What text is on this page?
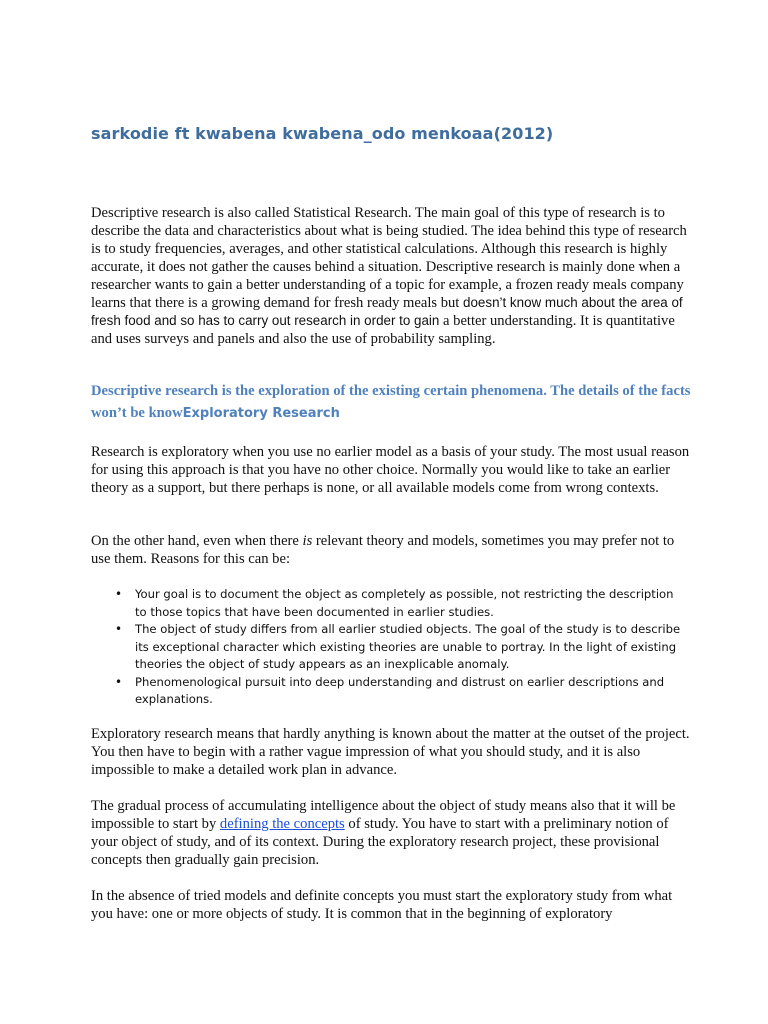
sarkodie ft kwabena kwabena_odo menkoaa(2012)

Descriptive research is also called Statistical Research. The main goal of this type of research is to describe the data and characteristics about what is being studied. The idea behind this type of research is to study frequencies, averages, and other statistical calculations. Although this research is highly accurate, it does not gather the causes behind a situation. Descriptive research is mainly done when a researcher wants to gain a better understanding of a topic for example, a frozen ready meals company learns that there is a growing demand for fresh ready meals but doesn’t know much about the area of fresh food and so has to carry out research in order to gain a better understanding. It is quantitative and uses surveys and panels and also the use of probability sampling.

Descriptive research is the exploration of the existing certain phenomena. The details of the facts won’t be knowExploratory Research

Research is exploratory when you use no earlier model as a basis of your study. The most usual reason for using this approach is that you have no other choice. Normally you would like to take an earlier theory as a support, but there perhaps is none, or all available models come from wrong contexts.

On the other hand, even when there is relevant theory and models, sometimes you may prefer not to use them. Reasons for this can be:

• Your goal is to document the object as completely as possible, not restricting the description to those topics that have been documented in earlier studies.
• The object of study differs from all earlier studied objects. The goal of the study is to describe its exceptional character which existing theories are unable to portray. In the light of existing theories the object of study appears as an inexplicable anomaly.
• Phenomenological pursuit into deep understanding and distrust on earlier descriptions and explanations.

Exploratory research means that hardly anything is known about the matter at the outset of the project. You then have to begin with a rather vague impression of what you should study, and it is also impossible to make a detailed work plan in advance.

The gradual process of accumulating intelligence about the object of study means also that it will be impossible to start by defining the concepts of study. You have to start with a preliminary notion of your object of study, and of its context. During the exploratory research project, these provisional concepts then gradually gain precision.

In the absence of tried models and definite concepts you must start the exploratory study from what you have: one or more objects of study. It is common that in the beginning of exploratory
